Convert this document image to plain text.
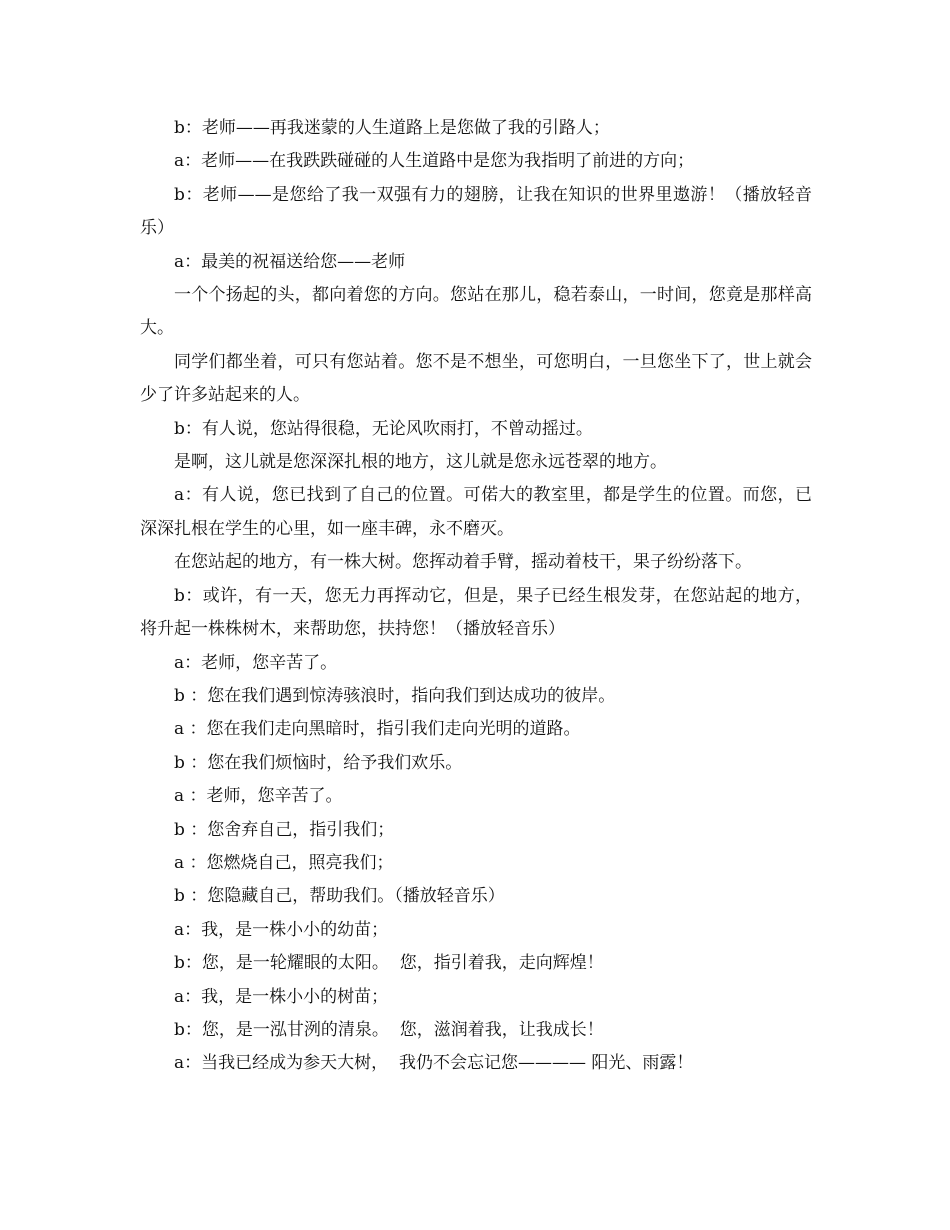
b：老师——再我迷蒙的人生道路上是您做了我的引路人；

a：老师——在我跌跌碰碰的人生道路中是您为我指明了前进的方向；

b：老师——是您给了我一双强有力的翅膀，让我在知识的世界里遨游！（播放轻音乐）

a：最美的祝福送给您——老师

一个个扬起的头，都向着您的方向。您站在那儿，稳若泰山，一时间，您竟是那样高大。

同学们都坐着，可只有您站着。您不是不想坐，可您明白，一旦您坐下了，世上就会少了许多站起来的人。

b：有人说，您站得很稳，无论风吹雨打，不曾动摇过。

是啊，这儿就是您深深扎根的地方，这儿就是您永远苍翠的地方。

a：有人说，您已找到了自己的位置。可偌大的教室里，都是学生的位置。而您，已深深扎根在学生的心里，如一座丰碑，永不磨灭。

在您站起的地方，有一株大树。您挥动着手臂，摇动着枝干，果子纷纷落下。

b：或许，有一天，您无力再挥动它，但是，果子已经生根发芽，在您站起的地方，将升起一株株树木，来帮助您，扶持您！（播放轻音乐）

a：老师，您辛苦了。

b ：您在我们遇到惊涛骇浪时，指向我们到达成功的彼岸。

a ：您在我们走向黑暗时，指引我们走向光明的道路。

b ：您在我们烦恼时，给予我们欢乐。

a ：老师，您辛苦了。

b ：您舍弃自己，指引我们；

a ：您燃烧自己，照亮我们；

b ：您隐藏自己，帮助我们。（播放轻音乐）

a：我，是一株小小的幼苗；

b：您，是一轮耀眼的太阳。  您，指引着我，走向辉煌！

a：我，是一株小小的树苗；

b：您，是一泓甘洌的清泉。  您，滋润着我，让我成长！

a：当我已经成为参天大树，  我仍不会忘记您———— 阳光、雨露！
